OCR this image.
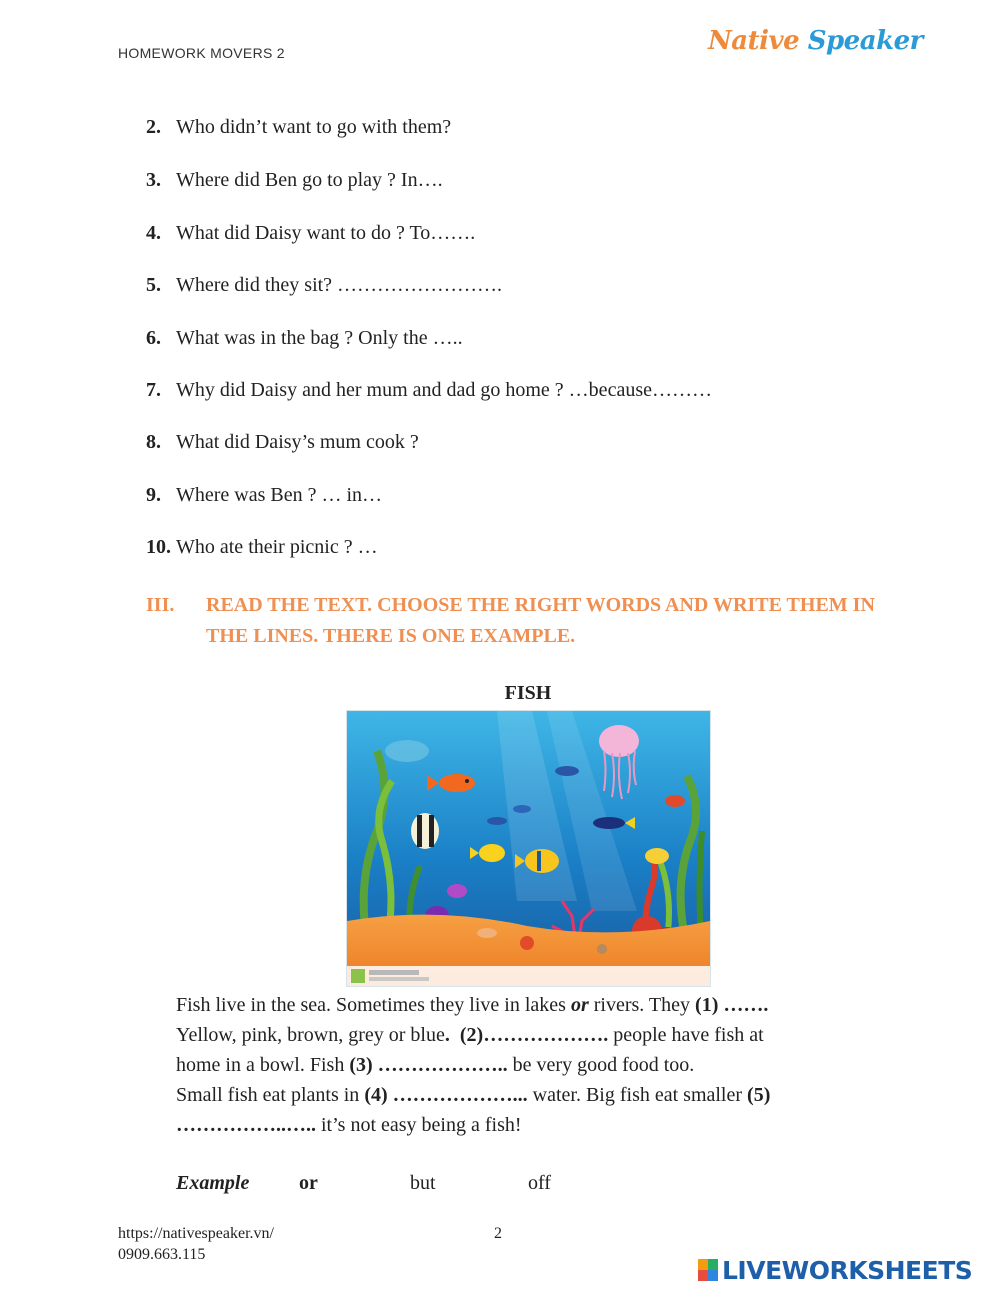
HOMEWORK MOVERS 2	Native Speaker
2. Who didn’t want to go with them?
3. Where did Ben go to play ? In….
4. What did Daisy want to do ? To…….
5. Where did they sit? …………………….
6. What was in the bag ? Only the …..
7. Why did Daisy and her mum and dad go home ? …because………
8. What did Daisy’s mum cook ?
9. Where was Ben ? … in…
10. Who ate their picnic ? …
III. READ THE TEXT. CHOOSE THE RIGHT WORDS AND WRITE THEM IN THE LINES. THERE IS ONE EXAMPLE.
FISH

Fish live in the sea. Sometimes they live in lakes or rivers. They (1) …….

Yellow, pink, brown, grey or blue. (2)………………. people have fish at

home in a bowl. Fish (3) ……………….. be very good food too.

Small fish eat plants in (4) ………………... water. Big fish eat smaller (5)

……………..….. it’s not easy being a fish!

Example or	but	off
https://nativespeaker.vn/
0909.663.115
2
LIVEWORKSHEETS
